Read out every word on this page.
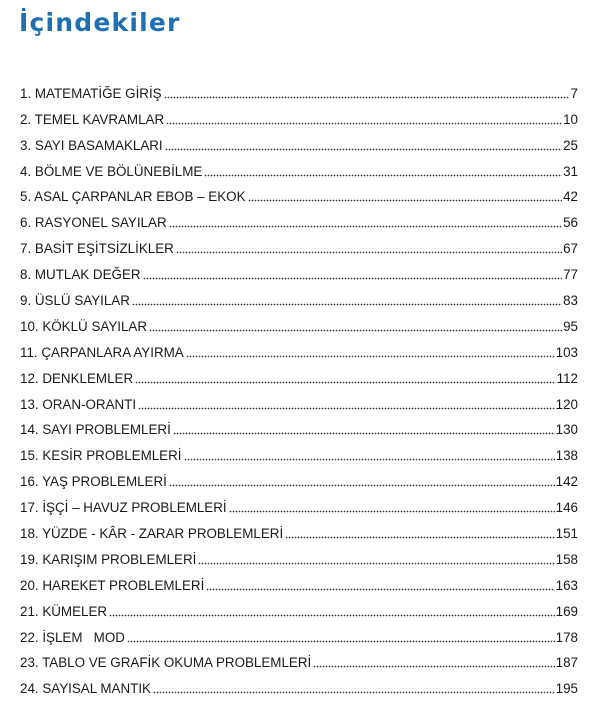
İçindekiler
1. MATEMATİĞE GİRİŞ	7
2. TEMEL KAVRAMLAR	10
3. SAYI BASAMAKLARI	25
4. BÖLME VE BÖLÜNEBİLME	31
5. ASAL ÇARPANLAR EBOB – EKOK	42
6. RASYONEL SAYILAR	56
7. BASİT EŞİTSİZLİKLER	67
8. MUTLAK DEĞER	77
9. ÜSLÜ SAYILAR	83
10. KÖKLÜ SAYILAR	95
11. ÇARPANLARA AYIRMA	103
12. DENKLEMLER	112
13. ORAN-ORANTI	120
14. SAYI PROBLEMLERİ	130
15. KESİR PROBLEMLERİ	138
16. YAŞ PROBLEMLERİ	142
17. İŞÇİ – HAVUZ PROBLEMLERİ	146
18. YÜZDE - KÂR - ZARAR PROBLEMLERİ	151
19. KARIŞIM PROBLEMLERİ	158
20. HAREKET PROBLEMLERİ	163
21. KÜMELER	169
22. İŞLEM   MOD	178
23. TABLO VE GRAFİK OKUMA PROBLEMLERİ	187
24. SAYISAL MANTIK	195
